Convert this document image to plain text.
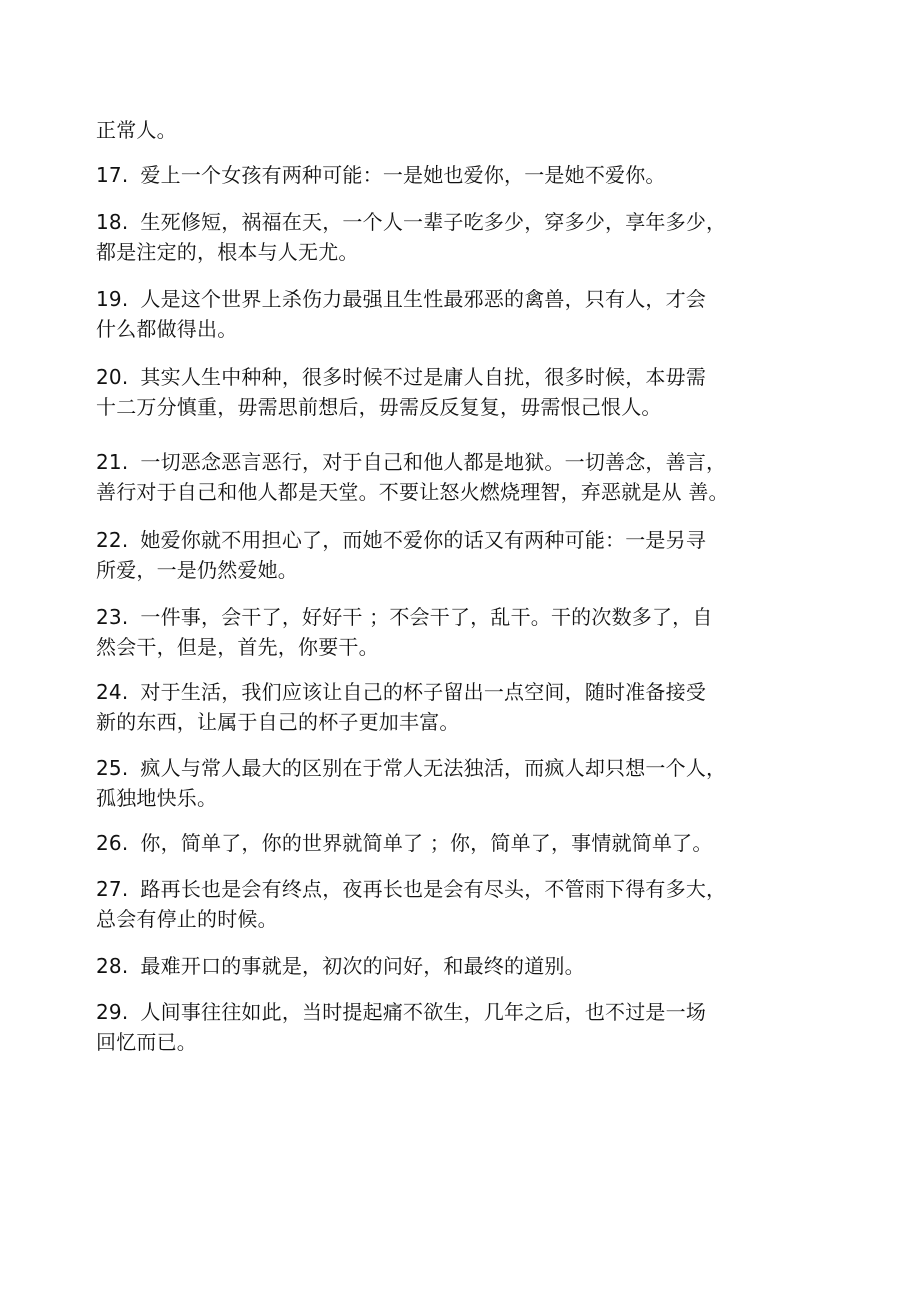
正常人。
17. 爱上一个女孩有两种可能：一是她也爱你，一是她不爱你。
18. 生死修短，祸福在天，一个人一辈子吃多少，穿多少，享年多少，
都是注定的，根本与人无尤。
19. 人是这个世界上杀伤力最强且生性最邪恶的禽兽，只有人，才会
什么都做得出。
20. 其实人生中种种，很多时候不过是庸人自扰，很多时候，本毋需
十二万分慎重，毋需思前想后，毋需反反复复，毋需恨己恨人。
21. 一切恶念恶言恶行，对于自己和他人都是地狱。一切善念，善言，
善行对于自己和他人都是天堂。不要让怒火燃烧理智，弃恶就是从 善。
22. 她爱你就不用担心了，而她不爱你的话又有两种可能：一是另寻
所爱，一是仍然爱她。
23. 一件事，会干了，好好干 ；不会干了，乱干。干的次数多了，自
然会干，但是，首先，你要干。
24. 对于生活，我们应该让自己的杯子留出一点空间，随时准备接受
新的东西，让属于自己的杯子更加丰富。
25. 疯人与常人最大的区别在于常人无法独活，而疯人却只想一个人，
孤独地快乐。
26. 你，简单了，你的世界就简单了 ；你，简单了，事情就简单了。
27. 路再长也是会有终点，夜再长也是会有尽头，不管雨下得有多大，
总会有停止的时候。
28. 最难开口的事就是，初次的问好，和最终的道别。
29. 人间事往往如此，当时提起痛不欲生，几年之后，也不过是一场
回忆而已。
